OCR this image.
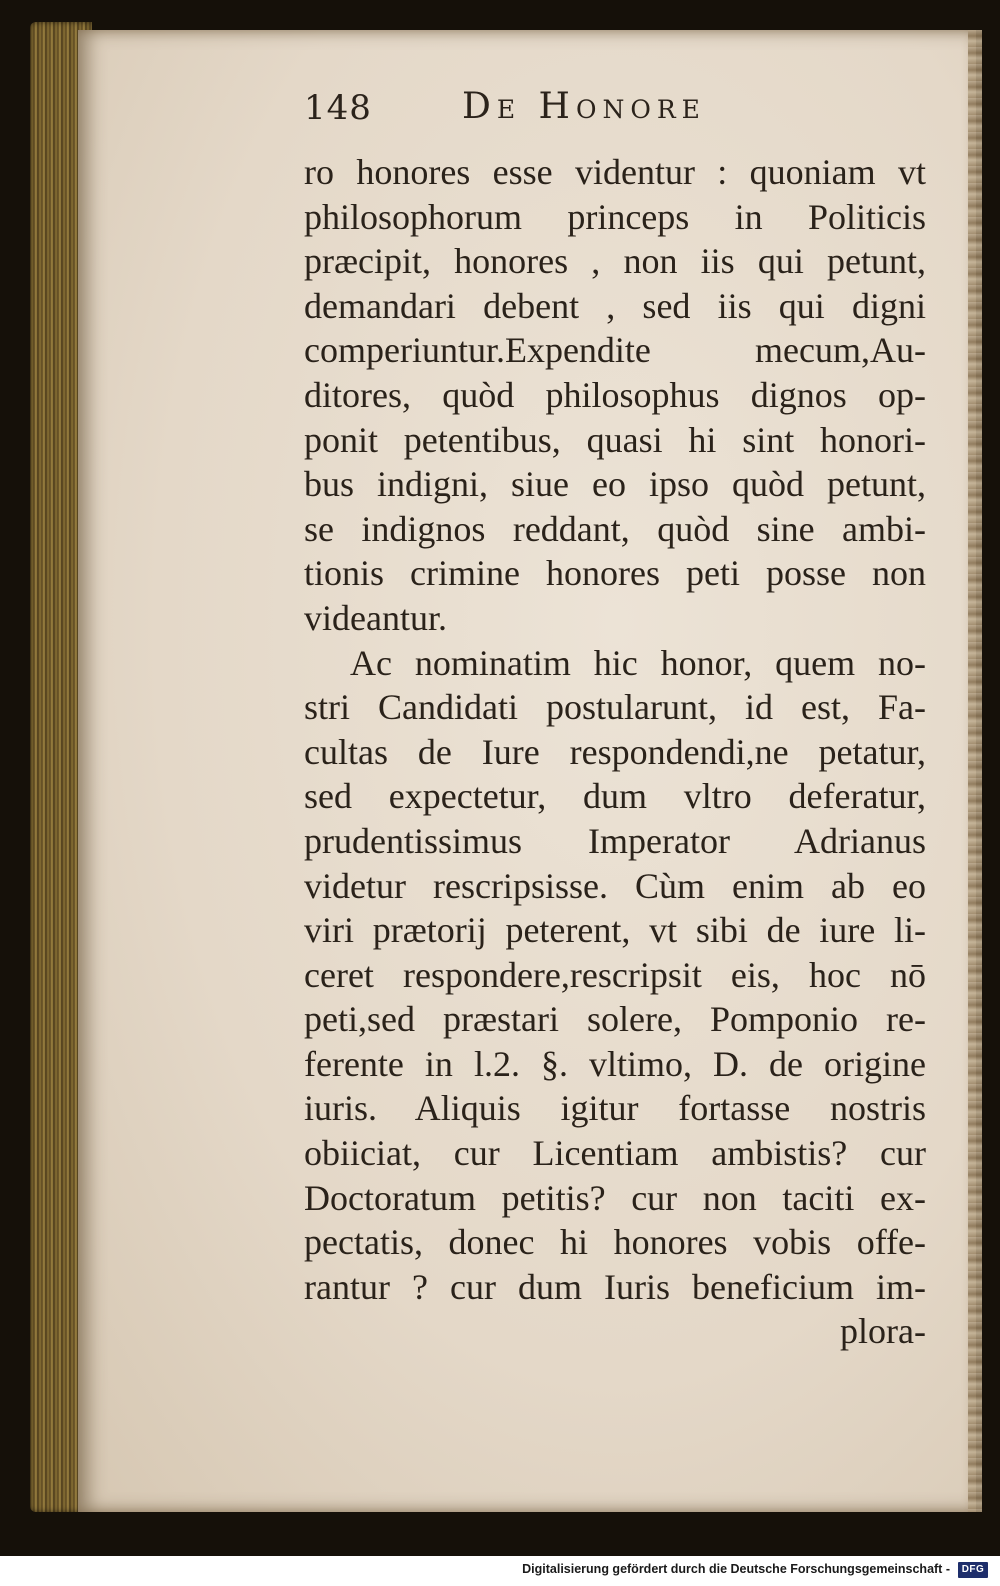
148	De Honore
ro honores esse videntur : quoniam vt
philosophorum princeps in Politicis
præcipit, honores , non iis qui petunt,
demandari debent , sed iis qui digni
comperiuntur.Expendite mecum,Au-
ditores, quòd philosophus dignos op-
ponit petentibus, quasi hi sint honori-
bus indigni, siue eo ipso quòd petunt,
se indignos reddant, quòd sine ambi-
tionis crimine honores peti posse non
videantur.
Ac nominatim hic honor, quem no-
stri Candidati postularunt, id est, Fa-
cultas de Iure respondendi,ne petatur,
sed expectetur, dum vltro deferatur,
prudentissimus Imperator Adrianus
videtur rescripsisse. Cùm enim ab eo
viri prætorij peterent, vt sibi de iure li-
ceret respondere,rescripsit eis, hoc nō
peti,sed præstari solere, Pomponio re-
ferente in l.2. §. vltimo, D. de origine
iuris. Aliquis igitur fortasse nostris
obiiciat, cur Licentiam ambistis? cur
Doctoratum petitis? cur non taciti ex-
pectatis, donec hi honores vobis offe-
rantur ? cur dum Iuris beneficium im-
plora-
Digitalisierung gefördert durch die Deutsche Forschungsgemeinschaft -	DFG
